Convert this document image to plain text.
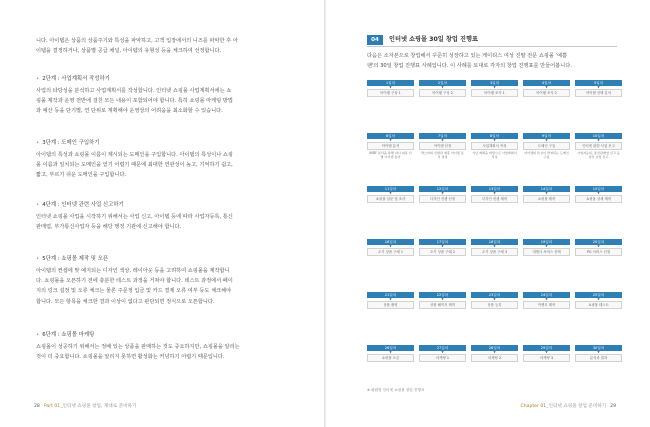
니다. 아이템은 상품의 상품주기와 특성을 파악하고, 고객 입장에서의 니즈를 파악한 후 아

이템을 결정하거나, 상품별 공급 채널, 아이템의 유형성 등을 체크하여 선정합니다.

• 2단계 : 사업계획서 작성하기

사업의 타당성을 분석하고 사업계획서를 작성합니다. 인터넷 쇼핑몰 사업계획서에는 쇼

핑몰 제작과 운영 전반에 걸친 모든 내용이 포함되어야 합니다. 특히 쇼핑몰 마케팅 방법

과 예산 등을 단기별, 연 단위로 계획해야 운영상의 어려움을 최소화할 수 있습니다.

• 3단계 : 도메인 구입하기

아이템의 특성과 쇼핑몰 이름이 제시되는 도메인을 구입합니다. 아이템의 특성이나 쇼핑

몰 이름과 일치되는 도메인을 얻기 어렵기 때문에 최대한 연관성이 높고, 기억하기 쉽고,

짧고, 부르기 쉬운 도메인을 구입합니다.

• 4단계 : 인터넷 관련 사업 신고하기

인터넷 쇼핑몰 사업을 시작하기 위해서는 사업 신고, 아이템 등에 따라 사업자등록, 통신

판매업, 부가통신사업자 등을 해당 행정 기관에 신고해야 합니다.

• 5단계 : 쇼핑몰 제작 및 오픈

아이템의 컨셉에 맞 예지되는 디자인 색상, 레이아웃 등을 고려하여 쇼핑몰을 제작합니

다. 쇼핑몰을 오픈하기 전에 충분한 테스트 과정을 거쳐야 합니다. 테스트 과정에서 페이

지의 링크 설정 및 오류 체크는 물론 주문정 입금 및 카드 결제 오류 여부 등도 체크해야

합니다. 모든 항목을 체크한 결과 이상이 없다고 판단되면 정식으로 오픈합니다.

• 6단계 : 쇼핑몰 마케팅

쇼핑몰이 성공하기 위해서는 정배 있는 상품을 판매하는 것도 중요하지만, 쇼핑몰을 알리는

것이 더 중요합니다. 쇼핑몰을 알리지 못하면 활성화는 커녕하기 어렵기 때문입니다.

28 Part 01_인터넷 쇼핑몰 창업, 제대로 준비하기
04	인터넷 쇼핑몰 30일 창업 진행표

다음은 소자본으로 창업해서 꾸준히 성장하고 있는 케이티스 여성 진팔 전문 쇼핑몰 '예쁨

팬'의 30일 창업 진행표 사례입니다. 이 사례를 토대로 각자의 창업 진행표를 만들어봅니다.

1일차
▼
아이템 구상 1
2일차
▼
아이템 구상 2
3일차
▼
아이템 조사 1
4일차
▼
아이템 조사 2
5일차
▼
아이템 선택 분석
6일차
▼
아이템 분석
IMDF 분석을 통해 자사 의류 선별 아이템 분석
7일차
▼
아이템 선정
박스터의 신발과 제휴 아이템 분석 결정
8일차
▼
사업계획서 작성
가난 계획을 바탕으로 사업계획서 작성
9일차
▼
도메인 구입
아이템의 특성이 반영되는 도메인 구입
10일차
▼
인터넷 관련 사업 신고
사업자등록, 통신판매업 신고 등 관련 사업 신고
11일차
▼
쇼핑몰 설문 및 조사
12일차
▼
디자인 컨셉 선정
13일차
▼
디자인 컨셉 제작
14일차
▼
쇼핑몰 제작
15일차
▼
쇼핑몰 상세 제작
16일차
▼
초기 상품 구매 1
17일차
▼
초기 상품 구매 2
18일차
▼
초기 상품 구매 3
19일차
▼
대행사 서비스 선택
20일차
▼
PG 서비스 신청
21일차
▼
상품 촬영
22일차
▼
상품 페이지 제작
23일차
▼
상품 등록
24일차
▼
이벤트 제작
25일차
▼
쇼핑몰 테스트
26일차
▼
쇼핑몰 오픈
27일차
▼
마케팅 1
28일차
▼
마케팅 2
29일차
▼
마케팅 3
30일차
▼
분석과 결과
※ 회원명 인터넷 쇼핑몰 창업 진행표
Chapter 01_인터넷 쇼핑몰 창업 준비하기 29
